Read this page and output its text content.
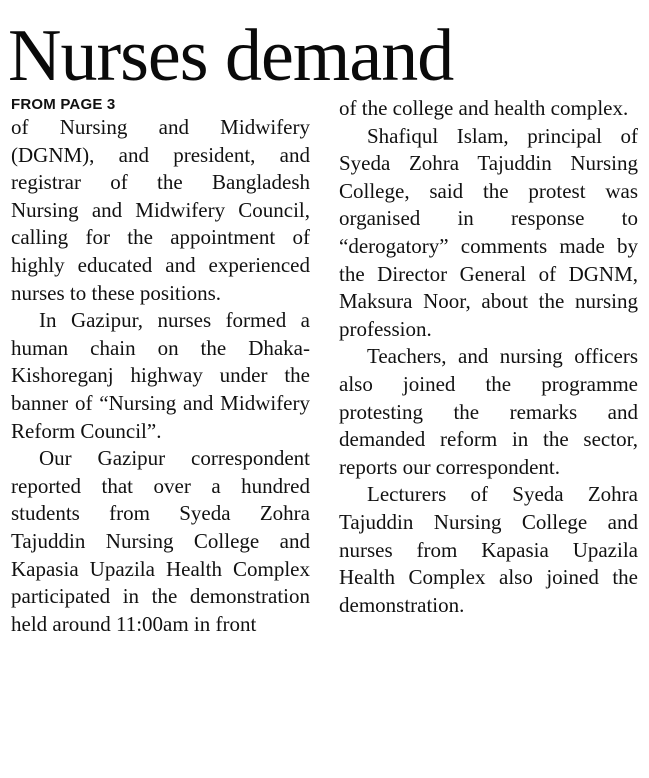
Nurses demand
FROM PAGE 3

of Nursing and Midwifery (DGNM), and president, and registrar of the Bangladesh Nursing and Midwifery Council, calling for the appointment of highly educated and experienced nurses to these positions.

In Gazipur, nurses formed a human chain on the Dhaka-Kishoreganj highway under the banner of “Nursing and Midwifery Reform Council”.

Our Gazipur correspondent reported that over a hundred students from Syeda Zohra Tajuddin Nursing College and Kapasia Upazila Health Complex participated in the demonstration held around 11:00am in front

of the college and health complex.

Shafiqul Islam, principal of Syeda Zohra Tajuddin Nursing College, said the protest was organised in response to “derogatory” comments made by the Director General of DGNM, Maksura Noor, about the nursing profession.

Teachers, and nursing officers also joined the programme protesting the remarks and demanded reform in the sector, reports our correspondent.

Lecturers of Syeda Zohra Tajuddin Nursing College and nurses from Kapasia Upazila Health Complex also joined the demonstration.
